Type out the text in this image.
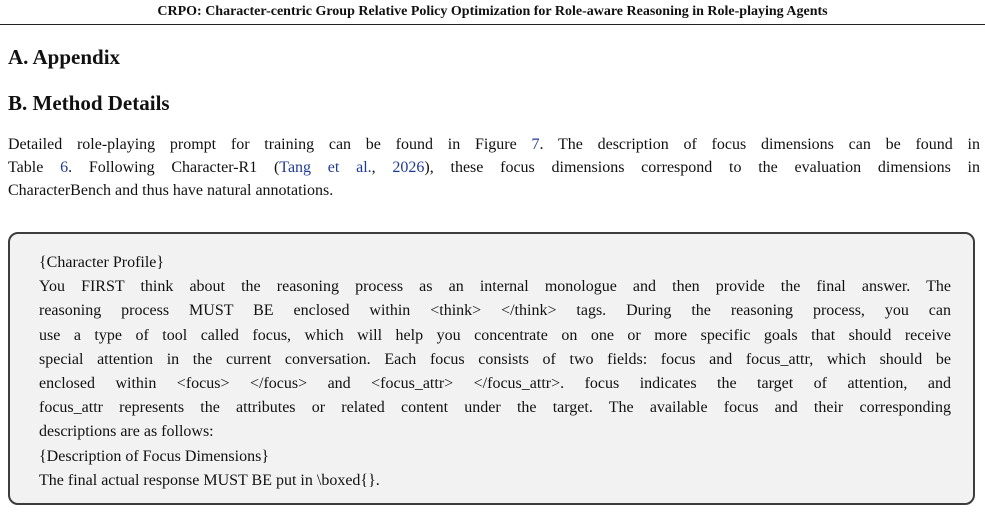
CRPO: Character-centric Group Relative Policy Optimization for Role-aware Reasoning in Role-playing Agents
A. Appendix
B. Method Details

Detailed role-playing prompt for training can be found in Figure 7. The description of focus dimensions can be found in
Table 6. Following Character-R1 (Tang et al., 2026), these focus dimensions correspond to the evaluation dimensions in
CharacterBench and thus have natural annotations.

{Character Profile}
You FIRST think about the reasoning process as an internal monologue and then provide the final answer. The
reasoning process MUST BE enclosed within <think> </think> tags. During the reasoning process, you can
use a type of tool called focus, which will help you concentrate on one or more specific goals that should receive
special attention in the current conversation. Each focus consists of two fields: focus and focus_attr, which should be
enclosed within <focus> </focus> and <focus_attr> </focus_attr>. focus indicates the target of attention, and
focus_attr represents the attributes or related content under the target. The available focus and their corresponding
descriptions are as follows:
{Description of Focus Dimensions}
The final actual response MUST BE put in \boxed{}.
